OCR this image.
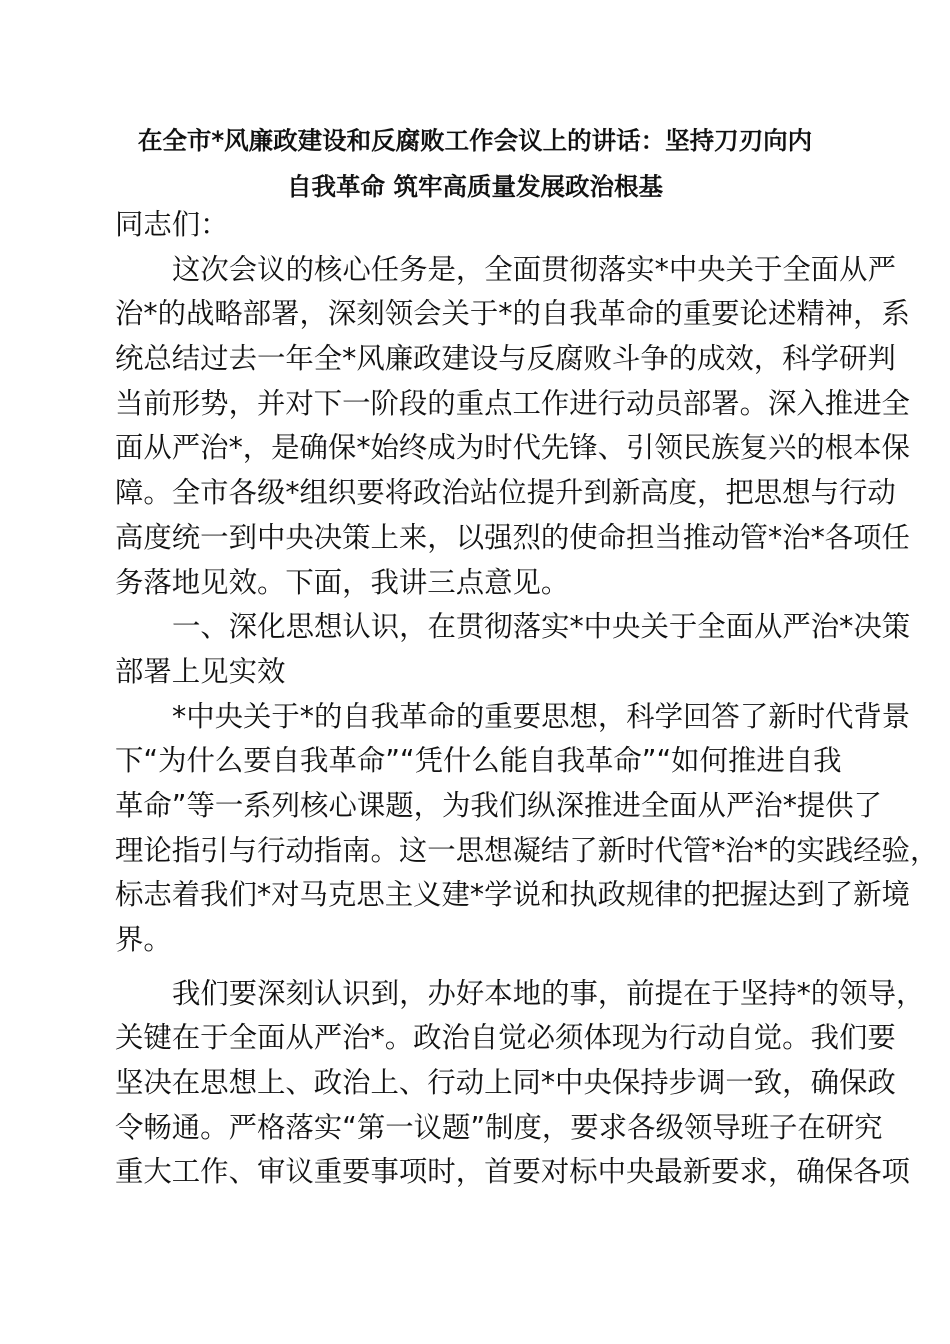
在全市*风廉政建设和反腐败工作会议上的讲话：坚持刀刃向内
自我革命 筑牢高质量发展政治根基
同志们：
这次会议的核心任务是，全面贯彻落实*中央关于全面从严
治*的战略部署，深刻领会关于*的自我革命的重要论述精神，系
统总结过去一年全*风廉政建设与反腐败斗争的成效，科学研判
当前形势，并对下一阶段的重点工作进行动员部署。深入推进全
面从严治*，是确保*始终成为时代先锋、引领民族复兴的根本保
障。全市各级*组织要将政治站位提升到新高度，把思想与行动
高度统一到中央决策上来，以强烈的使命担当推动管*治*各项任
务落地见效。下面，我讲三点意见。
一、深化思想认识，在贯彻落实*中央关于全面从严治*决策
部署上见实效
*中央关于*的自我革命的重要思想，科学回答了新时代背景
下“为什么要自我革命”“凭什么能自我革命”“如何推进自我
革命”等一系列核心课题，为我们纵深推进全面从严治*提供了
理论指引与行动指南。这一思想凝结了新时代管*治*的实践经验，
标志着我们*对马克思主义建*学说和执政规律的把握达到了新境
界。
我们要深刻认识到，办好本地的事，前提在于坚持*的领导，
关键在于全面从严治*。政治自觉必须体现为行动自觉。我们要
坚决在思想上、政治上、行动上同*中央保持步调一致，确保政
令畅通。严格落实“第一议题”制度，要求各级领导班子在研究
重大工作、审议重要事项时，首要对标中央最新要求，确保各项
